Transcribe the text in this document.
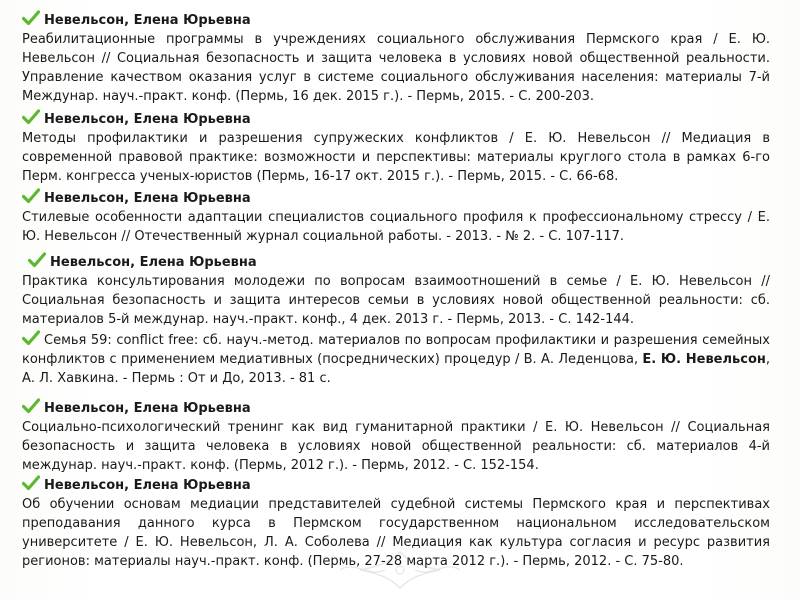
Невельсон, Елена Юрьевна
Реабилитационные программы в учреждениях социального обслуживания Пермского края / Е. Ю. Невельсон // Социальная безопасность и защита человека в условиях новой общественной реальности. Управление качеством оказания услуг в системе социального обслуживания населения: материалы 7-й Междунар. науч.-практ. конф. (Пермь, 16 дек. 2015 г.). - Пермь, 2015. - С. 200-203.
Невельсон, Елена Юрьевна
Методы профилактики и разрешения супружеских конфликтов / Е. Ю. Невельсон // Медиация в современной правовой практике: возможности и перспективы: материалы круглого стола в рамках 6-го Перм. конгресса ученых-юристов (Пермь, 16-17 окт. 2015 г.). - Пермь, 2015. - С. 66-68.
Невельсон, Елена Юрьевна
Стилевые особенности адаптации специалистов социального профиля к профессиональному стрессу / Е. Ю. Невельсон // Отечественный журнал социальной работы. - 2013. - № 2. - С. 107-117.
Невельсон, Елена Юрьевна
Практика консультирования молодежи по вопросам взаимоотношений в семье / Е. Ю. Невельсон // Социальная безопасность и защита интересов семьи в условиях новой общественной реальности: сб. материалов 5-й междунар. науч.-практ. конф., 4 дек. 2013 г. - Пермь, 2013. - С. 142-144.
Семья 59: conflict free: сб. науч.-метод. материалов по вопросам профилактики и разрешения семейных конфликтов с применением медиативных (посреднических) процедур / В. А. Леденцова, Е. Ю. Невельсон, А. Л. Хавкина. - Пермь : От и До, 2013. - 81 с.
Невельсон, Елена Юрьевна
Социально-психологический тренинг как вид гуманитарной практики / Е. Ю. Невельсон // Социальная безопасность и защита человека в условиях новой общественной реальности: сб. материалов 4-й междунар. науч.-практ. конф. (Пермь, 2012 г.). - Пермь, 2012. - С. 152-154.
Невельсон, Елена Юрьевна
Об обучении основам медиации представителей судебной системы Пермского края и перспективах преподавания данного курса в Пермском государственном национальном исследовательском университете / Е. Ю. Невельсон, Л. А. Соболева // Медиация как культура согласия и ресурс развития регионов: материалы науч.-практ. конф. (Пермь, 27-28 марта 2012 г.). - Пермь, 2012. - С. 75-80.
